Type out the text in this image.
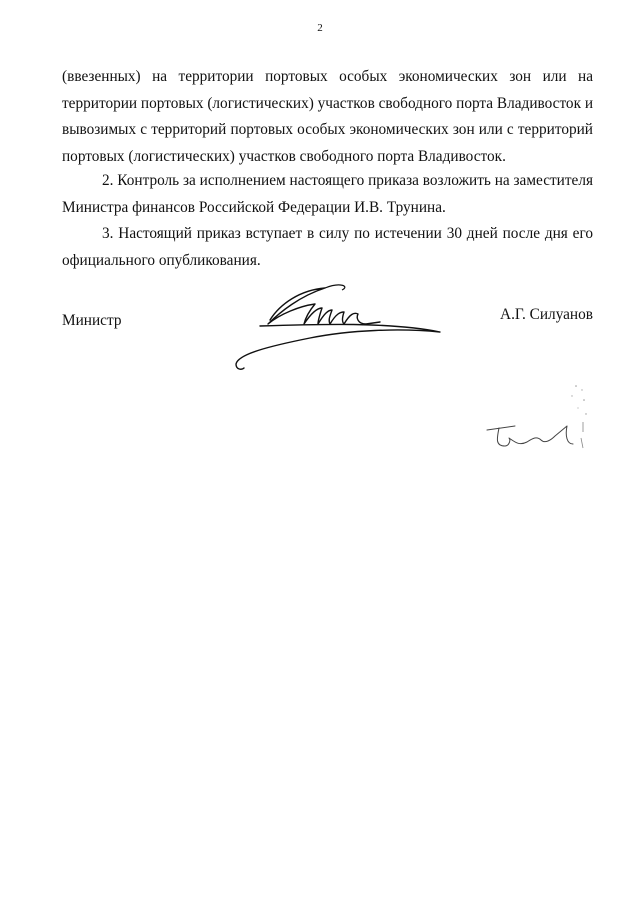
2
(ввезенных) на территории портовых особых экономических зон или на
территории портовых (логистических) участков свободного порта Владивосток и
вывозимых с территорий портовых особых экономических зон или с территорий
портовых (логистических) участков свободного порта Владивосток.
2. Контроль за исполнением настоящего приказа возложить на заместителя
Министра финансов Российской Федерации И.В. Трунина.
3. Настоящий приказ вступает в силу по истечении 30 дней после дня его
официального опубликования.
Министр	А.Г. Силуанов
